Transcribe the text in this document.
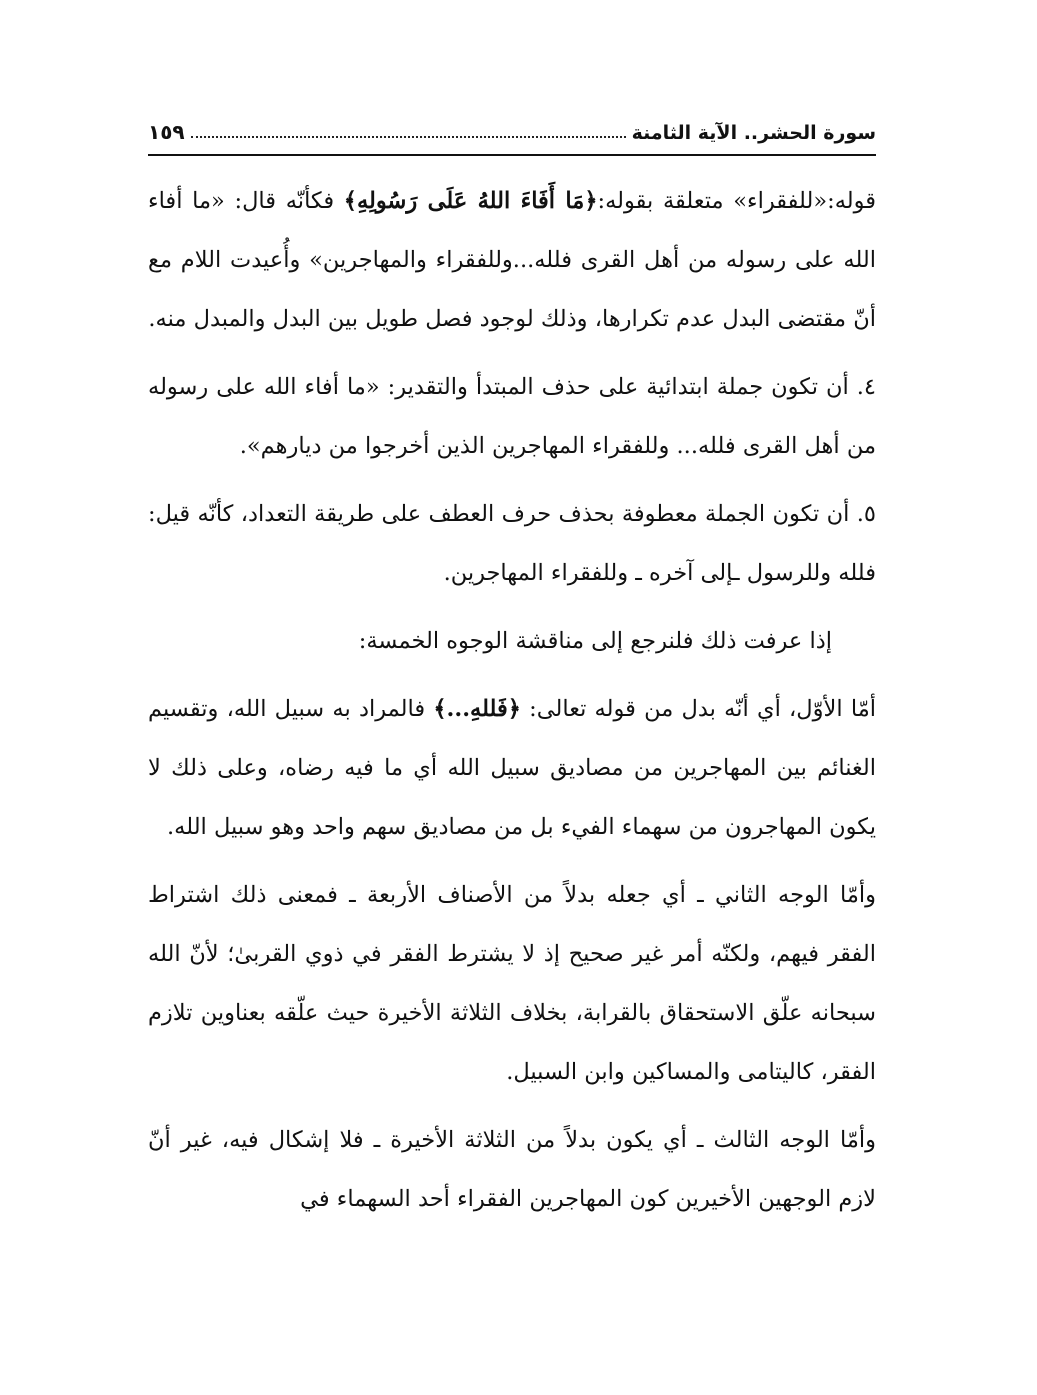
سورة الحشر.. الآية الثامنة
١٥٩

قوله:«للفقراء» متعلقة بقوله:﴿مَا أَفَاءَ اللهُ عَلَى رَسُولِهِ﴾ فكأنّه قال: «ما أفاء الله على رسوله من أهل القرى فلله...وللفقراء والمهاجرين» وأُعيدت اللام مع أنّ مقتضى البدل عدم تكرارها، وذلك لوجود فصل طويل بين البدل والمبدل منه.

٤. أن تكون جملة ابتدائية على حذف المبتدأ والتقدير: «ما أفاء الله على رسوله من أهل القرى فلله... وللفقراء المهاجرين الذين أخرجوا من ديارهم».

٥. أن تكون الجملة معطوفة بحذف حرف العطف على طريقة التعداد، كأنّه قيل: فلله وللرسول ـإلى آخره ـ وللفقراء المهاجرين.

إذا عرفت ذلك فلنرجع إلى مناقشة الوجوه الخمسة:

أمّا الأوّل، أي أنّه بدل من قوله تعالى: ﴿فَللهِ...﴾ فالمراد به سبيل الله، وتقسيم الغنائم بين المهاجرين من مصاديق سبيل الله أي ما فيه رضاه، وعلى ذلك لا يكون المهاجرون من سهماء الفيء بل من مصاديق سهم واحد وهو سبيل الله.

وأمّا الوجه الثاني ـ أي جعله بدلاً من الأصناف الأربعة ـ فمعنى ذلك اشتراط الفقر فيهم، ولكنّه أمر غير صحيح إذ لا يشترط الفقر في ذوي القربىٰ؛ لأنّ الله سبحانه علّق الاستحقاق بالقرابة، بخلاف الثلاثة الأخيرة حيث علّقه بعناوين تلازم الفقر، كاليتامى والمساكين وابن السبيل.

وأمّا الوجه الثالث ـ أي يكون بدلاً من الثلاثة الأخيرة ـ فلا إشكال فيه، غير أنّ لازم الوجهين الأخيرين كون المهاجرين الفقراء أحد السهماء في
